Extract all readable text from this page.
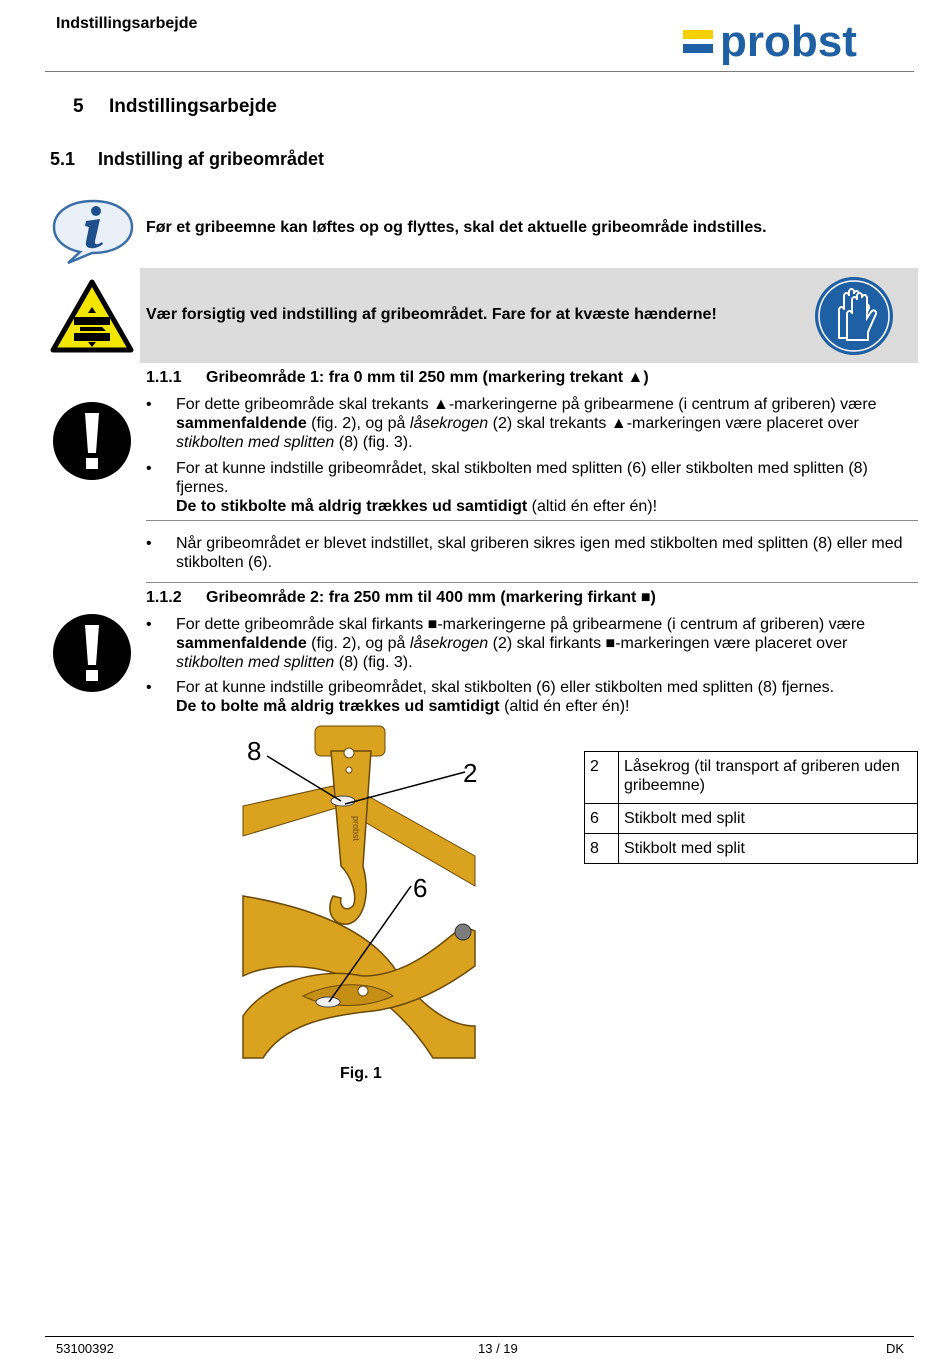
Indstillingsarbejde	probst
5 Indstillingsarbejde
5.1 Indstilling af gribeområdet
Før et gribeemne kan løftes op og flyttes, skal det aktuelle gribeområde indstilles.
Vær forsigtig ved indstilling af gribeområdet. Fare for at kvæste hænderne!
1.1.1 Gribeområde 1: fra 0 mm til 250 mm (markering trekant ▲)
•	For dette gribeområde skal trekants ▲-markeringerne på gribearmene (i centrum af griberen) være sammenfaldende (fig. 2), og på låsekrogen (2) skal trekants ▲-markeringen være placeret over stikbolten med splitten (8) (fig. 3).
•	For at kunne indstille gribeområdet, skal stikbolten med splitten (6) eller stikbolten med splitten (8) fjernes.
De to stikbolte må aldrig trækkes ud samtidigt (altid én efter én)!
•	Når gribeområdet er blevet indstillet, skal griberen sikres igen med stikbolten med splitten (8) eller med stikbolten (6).
1.1.2 Gribeområde 2: fra 250 mm til 400 mm (markering firkant ■)
•	For dette gribeområde skal firkants ■-markeringerne på gribearmene (i centrum af griberen) være sammenfaldende (fig. 2), og på låsekrogen (2) skal firkants ■-markeringen være placeret over stikbolten med splitten (8) (fig. 3).
•	For at kunne indstille gribeområdet, skal stikbolten (6) eller stikbolten med splitten (8) fjernes.
De to bolte må aldrig trækkes ud samtidigt (altid én efter én)!
probst
8
2
6
Fig. 1
2	Låsekrog (til transport af griberen uden gribeemne)
6	Stikbolt med split
8	Stikbolt med split
53100392	13 / 19	DK
